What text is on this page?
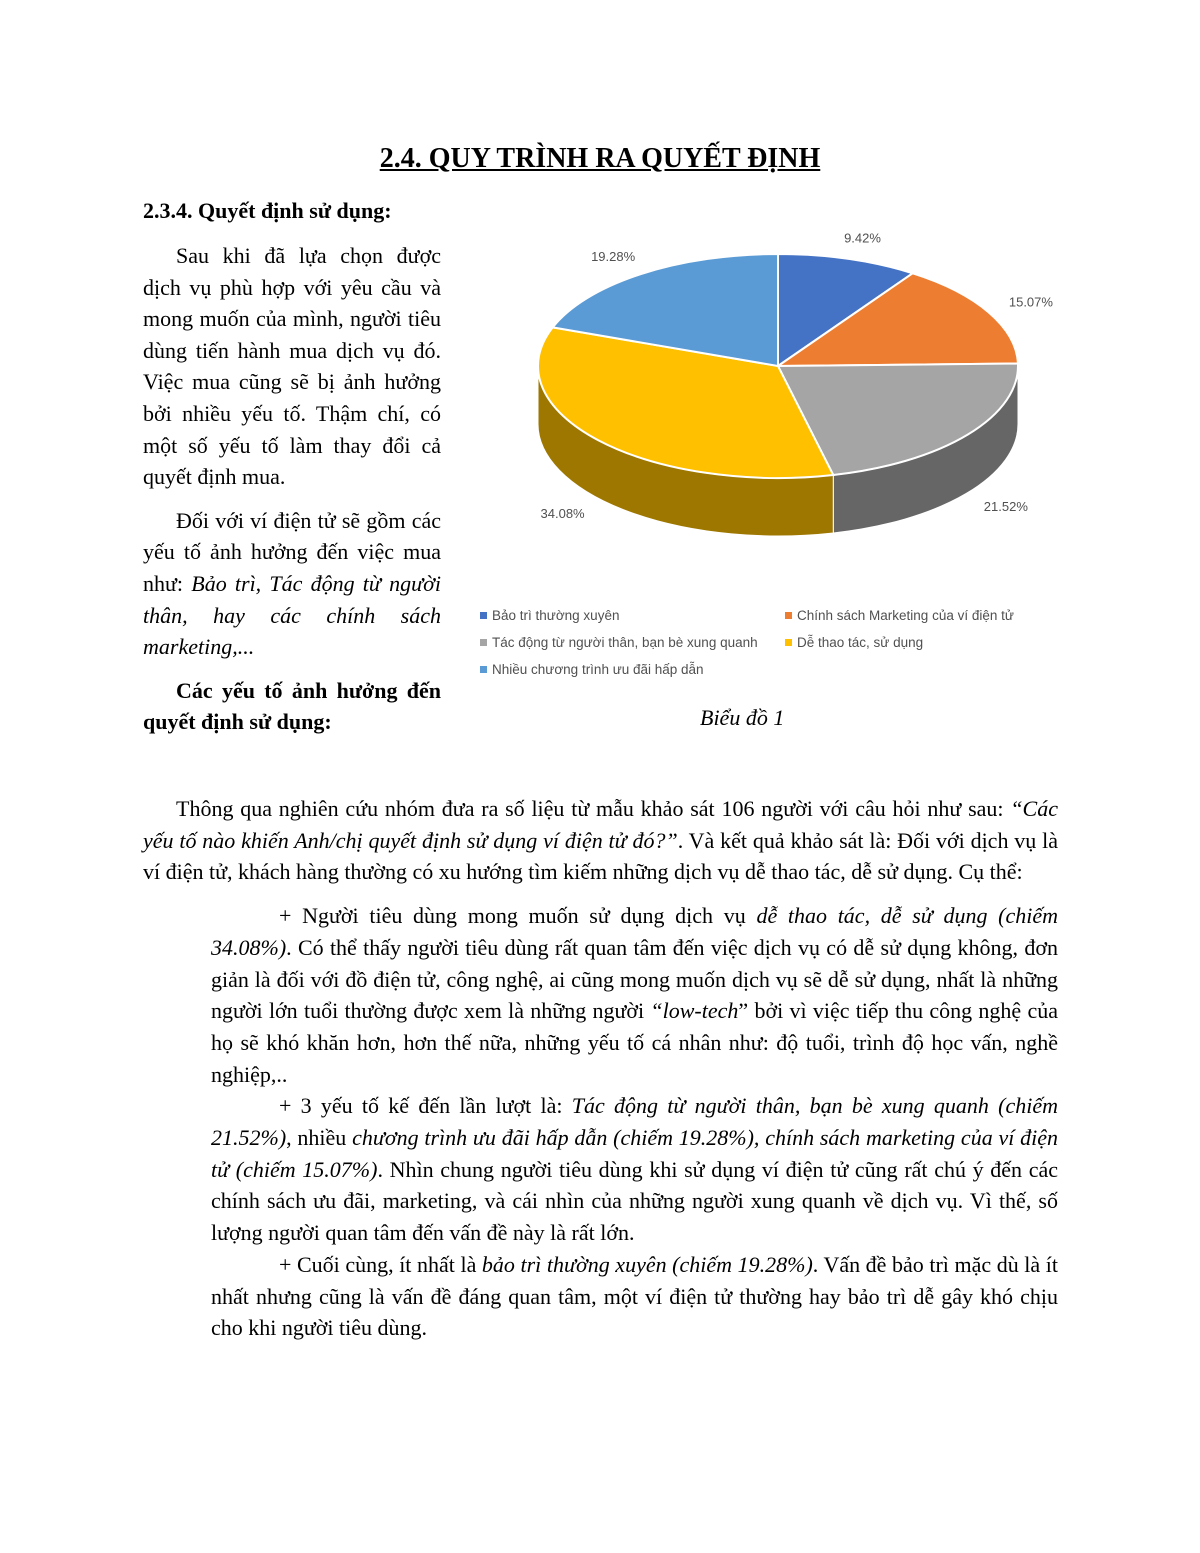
2.4. QUY TRÌNH RA QUYẾT ĐỊNH
2.3.4. Quyết định sử dụng:

Sau khi đã lựa chọn được dịch vụ phù hợp với yêu cầu và mong muốn của mình, người tiêu dùng tiến hành mua dịch vụ đó. Việc mua cũng sẽ bị ảnh hưởng bởi nhiều yếu tố. Thậm chí, có một số yếu tố làm thay đổi cả quyết định mua.

Đối với ví điện tử sẽ gồm các yếu tố ảnh hưởng đến việc mua như: Bảo trì, Tác động từ người thân, hay các chính sách marketing,...

Các yếu tố ảnh hưởng đến quyết định sử dụng:

9.42%
15.07%
21.52%
34.08%
19.28%
Bảo trì thường xuyên	Chính sách Marketing của ví điện tử
Tác động từ người thân, bạn bè xung quanh	Dễ thao tác, sử dụng
Nhiều chương trình ưu đãi hấp dẫn
Biểu đồ 1

Thông qua nghiên cứu nhóm đưa ra số liệu từ mẫu khảo sát 106 người với câu hỏi như sau: “Các yếu tố nào khiến Anh/chị quyết định sử dụng ví điện tử đó?”. Và kết quả khảo sát là: Đối với dịch vụ là ví điện tử, khách hàng thường có xu hướng tìm kiếm những dịch vụ dễ thao tác, dễ sử dụng. Cụ thể:

+ Người tiêu dùng mong muốn sử dụng dịch vụ dễ thao tác, dễ sử dụng (chiếm 34.08%). Có thể thấy người tiêu dùng rất quan tâm đến việc dịch vụ có dễ sử dụng không, đơn giản là đối với đồ điện tử, công nghệ, ai cũng mong muốn dịch vụ sẽ dễ sử dụng, nhất là những người lớn tuổi thường được xem là những người “low-tech” bởi vì việc tiếp thu công nghệ của họ sẽ khó khăn hơn, hơn thế nữa, những yếu tố cá nhân như: độ tuổi, trình độ học vấn, nghề nghiệp,..

+ 3 yếu tố kế đến lần lượt là: Tác động từ người thân, bạn bè xung quanh (chiếm 21.52%), nhiều chương trình ưu đãi hấp dẫn (chiếm 19.28%), chính sách marketing của ví điện tử (chiếm 15.07%). Nhìn chung người tiêu dùng khi sử dụng ví điện tử cũng rất chú ý đến các chính sách ưu đãi, marketing, và cái nhìn của những người xung quanh về dịch vụ. Vì thế, số lượng người quan tâm đến vấn đề này là rất lớn.

+ Cuối cùng, ít nhất là bảo trì thường xuyên (chiếm 19.28%). Vấn đề bảo trì mặc dù là ít nhất nhưng cũng là vấn đề đáng quan tâm, một ví điện tử thường hay bảo trì dễ gây khó chịu cho khi người tiêu dùng.
